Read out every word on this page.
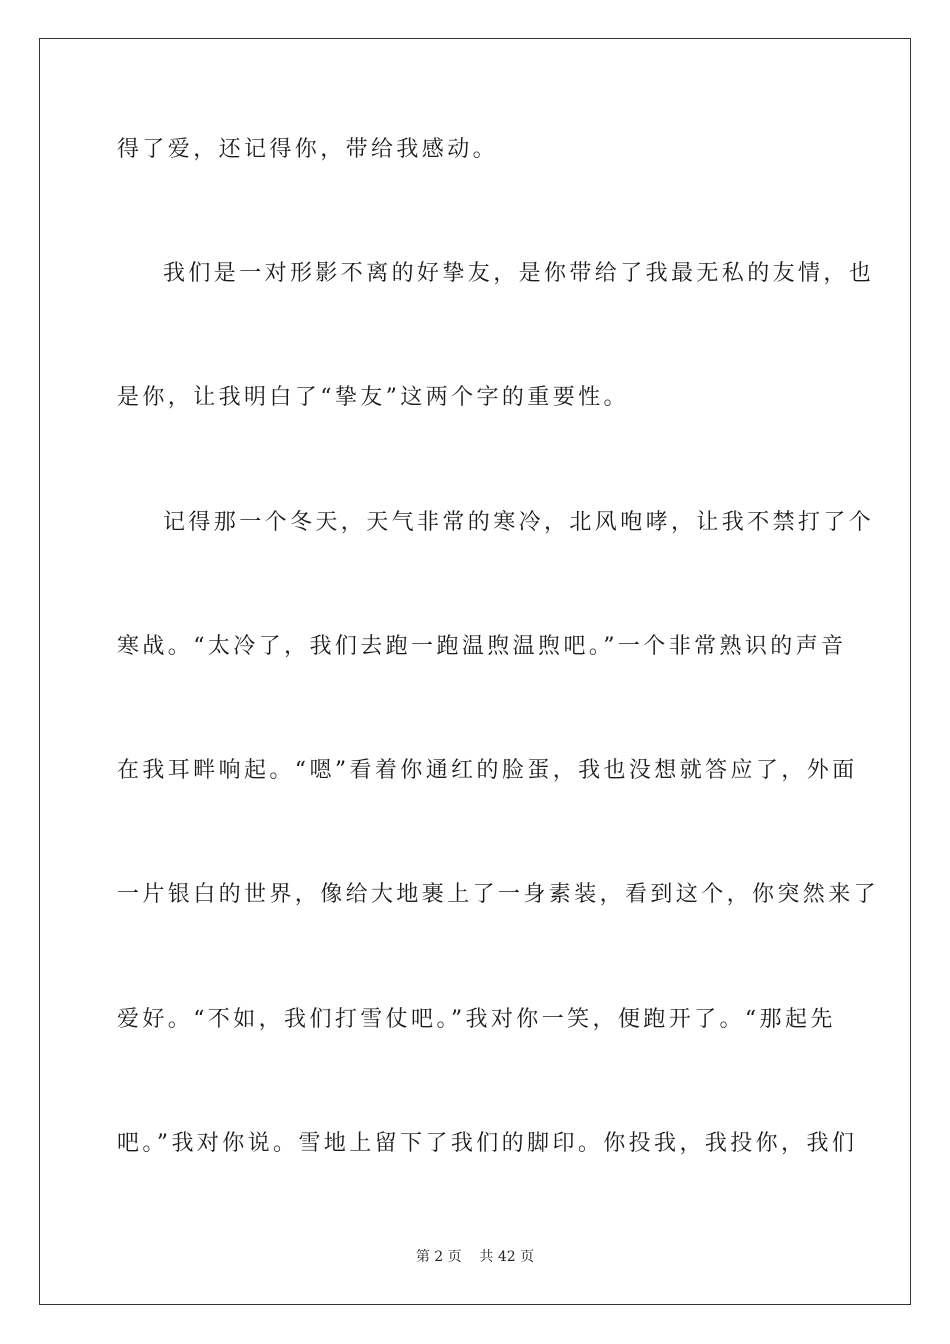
得了爱，还记得你，带给我感动。
我们是一对形影不离的好挚友，是你带给了我最无私的友情，也
是你，让我明白了“挚友”这两个字的重要性。
记得那一个冬天，天气非常的寒冷，北风咆哮，让我不禁打了个
寒战。“太冷了，我们去跑一跑温煦温煦吧。”一个非常熟识的声音
在我耳畔响起。“嗯”看着你通红的脸蛋，我也没想就答应了，外面
一片银白的世界，像给大地裹上了一身素装，看到这个，你突然来了
爱好。“不如，我们打雪仗吧。”我对你一笑，便跑开了。“那起先
吧。”我对你说。雪地上留下了我们的脚印。你投我，我投你，我们
第 2 页    共 42 页
